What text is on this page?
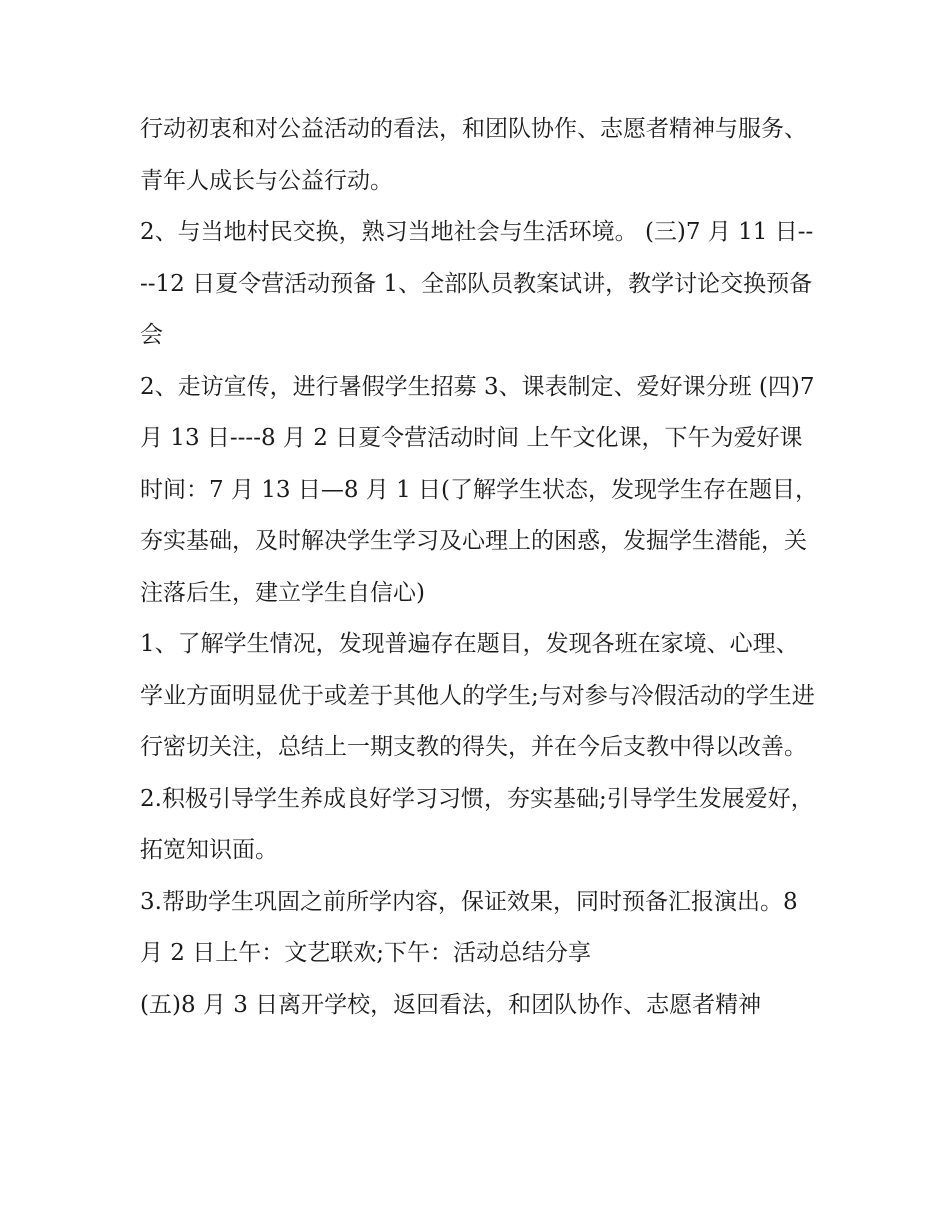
行动初衷和对公益活动的看法，和团队协作、志愿者精神与服务、青年人成长与公益行动。

2、与当地村民交换，熟习当地社会与生活环境。 (三)7 月 11 日----12 日夏令营活动预备 1、全部队员教案试讲，教学讨论交换预备会

2、走访宣传，进行暑假学生招募 3、课表制定、爱好课分班 (四)7 月 13 日----8 月 2 日夏令营活动时间 上午文化课，下午为爱好课

时间：7 月 13 日—8 月 1 日(了解学生状态，发现学生存在题目，夯实基础，及时解决学生学习及心理上的困惑，发掘学生潜能，关注落后生，建立学生自信心)

1、了解学生情况，发现普遍存在题目，发现各班在家境、心理、学业方面明显优于或差于其他人的学生;与对参与冷假活动的学生进行密切关注，总结上一期支教的得失，并在今后支教中得以改善。

2.积极引导学生养成良好学习习惯，夯实基础;引导学生发展爱好，拓宽知识面。

3.帮助学生巩固之前所学内容，保证效果，同时预备汇报演出。8 月 2 日上午：文艺联欢;下午：活动总结分享

(五)8 月 3 日离开学校，返回看法，和团队协作、志愿者精神
